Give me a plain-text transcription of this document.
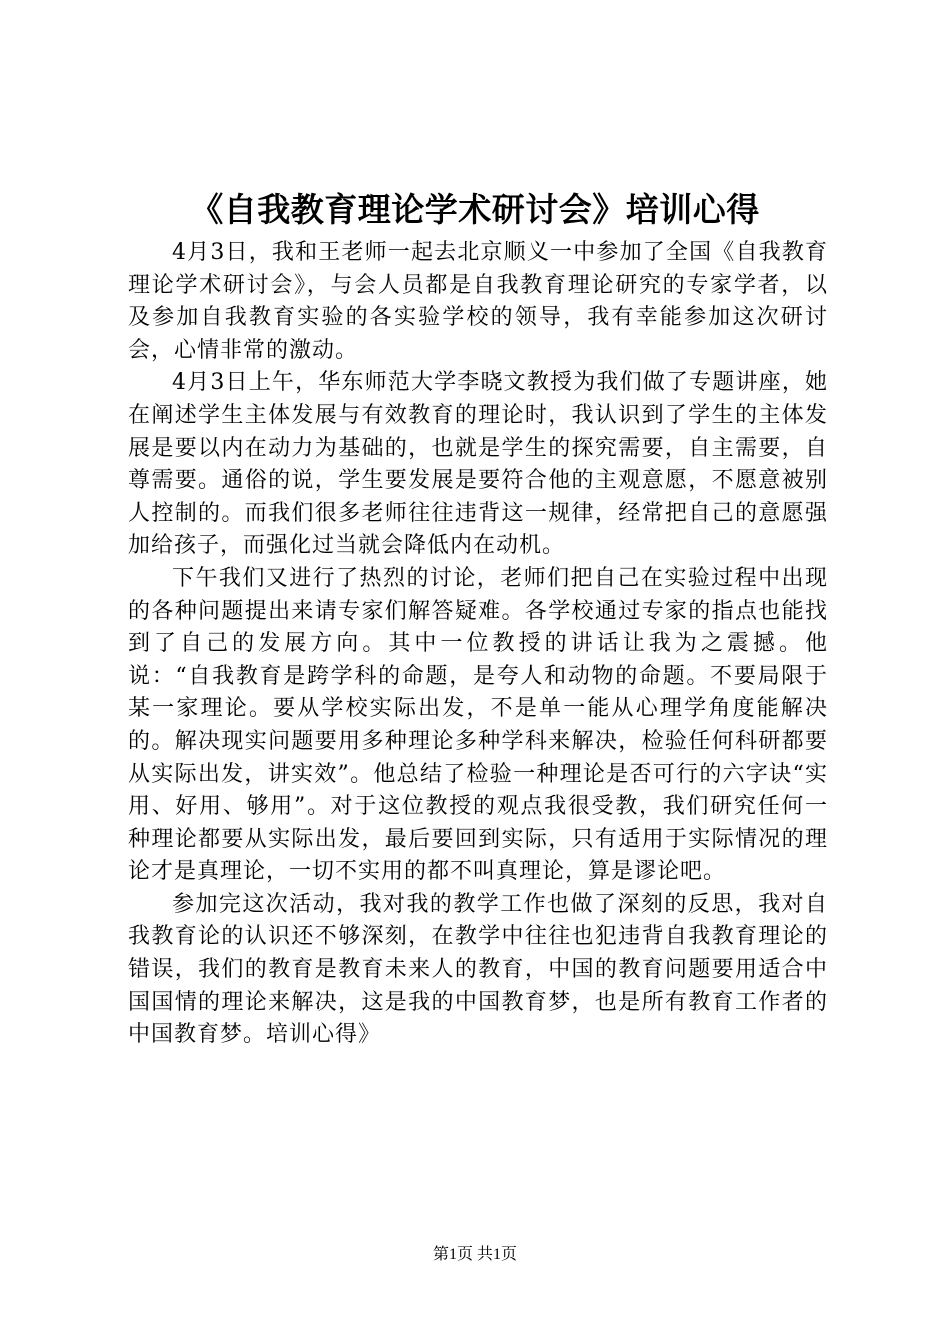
《自我教育理论学术研讨会》培训心得

4月3日，我和王老师一起去北京顺义一中参加了全国《自我教育理论学术研讨会》，与会人员都是自我教育理论研究的专家学者，以及参加自我教育实验的各实验学校的领导，我有幸能参加这次研讨会，心情非常的激动。

4月3日上午，华东师范大学李晓文教授为我们做了专题讲座，她在阐述学生主体发展与有效教育的理论时，我认识到了学生的主体发展是要以内在动力为基础的，也就是学生的探究需要，自主需要，自尊需要。通俗的说，学生要发展是要符合他的主观意愿，不愿意被别人控制的。而我们很多老师往往违背这一规律，经常把自己的意愿强加给孩子，而强化过当就会降低内在动机。

下午我们又进行了热烈的讨论，老师们把自己在实验过程中出现的各种问题提出来请专家们解答疑难。各学校通过专家的指点也能找到了自己的发展方向。其中一位教授的讲话让我为之震撼。他说：“自我教育是跨学科的命题，是夸人和动物的命题。不要局限于某一家理论。要从学校实际出发，不是单一能从心理学角度能解决的。解决现实问题要用多种理论多种学科来解决，检验任何科研都要从实际出发，讲实效”。他总结了检验一种理论是否可行的六字诀“实用、好用、够用”。对于这位教授的观点我很受教，我们研究任何一种理论都要从实际出发，最后要回到实际，只有适用于实际情况的理论才是真理论，一切不实用的都不叫真理论，算是谬论吧。

参加完这次活动，我对我的教学工作也做了深刻的反思，我对自我教育论的认识还不够深刻，在教学中往往也犯违背自我教育理论的错误，我们的教育是教育未来人的教育，中国的教育问题要用适合中国国情的理论来解决，这是我的中国教育梦，也是所有教育工作者的中国教育梦。培训心得》

第1页 共1页
